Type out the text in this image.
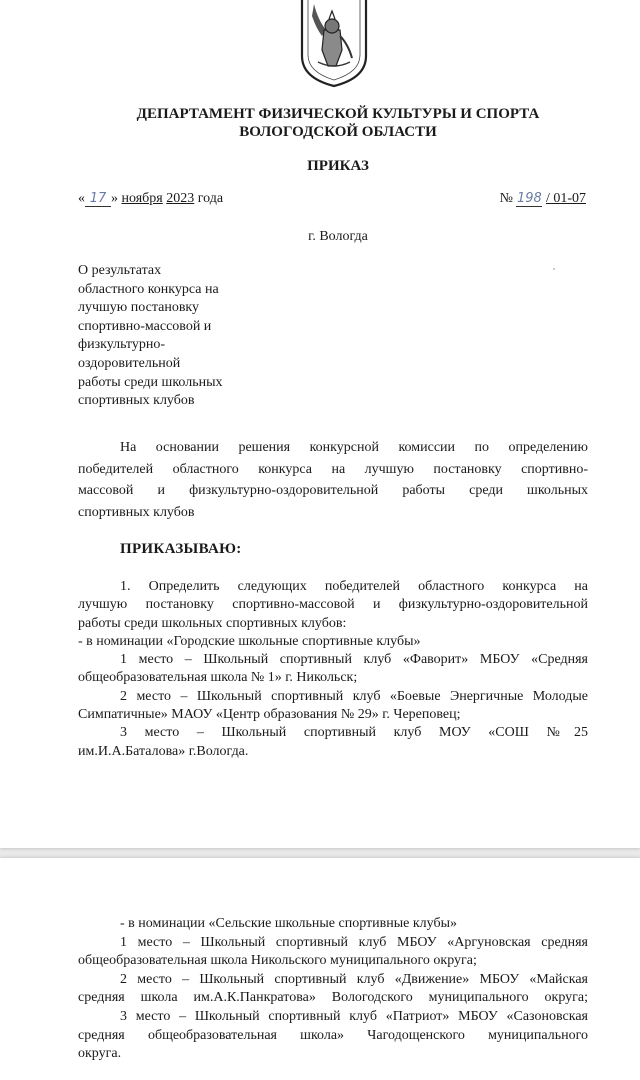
ДЕПАРТАМЕНТ ФИЗИЧЕСКОЙ КУЛЬТУРЫ И СПОРТА

ВОЛОГОДСКОЙ ОБЛАСТИ

ПРИКАЗ

« 17 » ноября 2023 года	№ 198 / 01-07
г. Вологда
О результатах
областного конкурса на
лучшую постановку
спортивно-массовой и
физкультурно-
оздоровительной
работы среди школьных
спортивных клубов
На основании решения конкурсной комиссии по определению
победителей областного конкурса на лучшую постановку спортивно-
массовой и физкультурно-оздоровительной работы среди школьных
спортивных клубов
ПРИКАЗЫВАЮ:
1. Определить следующих победителей областного конкурса на
лучшую постановку спортивно-массовой и физкультурно-оздоровительной
работы среди школьных спортивных клубов:
- в номинации «Городские школьные спортивные клубы»
1 место – Школьный спортивный клуб «Фаворит» МБОУ «Средняя
общеобразовательная школа № 1» г. Никольск;
2 место – Школьный спортивный клуб «Боевые Энергичные Молодые
Симпатичные» МАОУ «Центр образования № 29» г. Череповец;
3 место – Школьный спортивный клуб МОУ «СОШ №25
им.И.А.Баталова» г.Вологда.
- в номинации «Сельские школьные спортивные клубы»
1 место – Школьный спортивный клуб МБОУ «Аргуновская средняя
общеобразовательная школа Никольского муниципального округа;
2 место – Школьный спортивный клуб «Движение» МБОУ «Майская
средняя школа им.А.К.Панкратова» Вологодского муниципального округа;
3 место – Школьный спортивный клуб «Патриот» МБОУ «Сазоновская
средняя общеобразовательная школа» Чагодощенского муниципального
округа.
